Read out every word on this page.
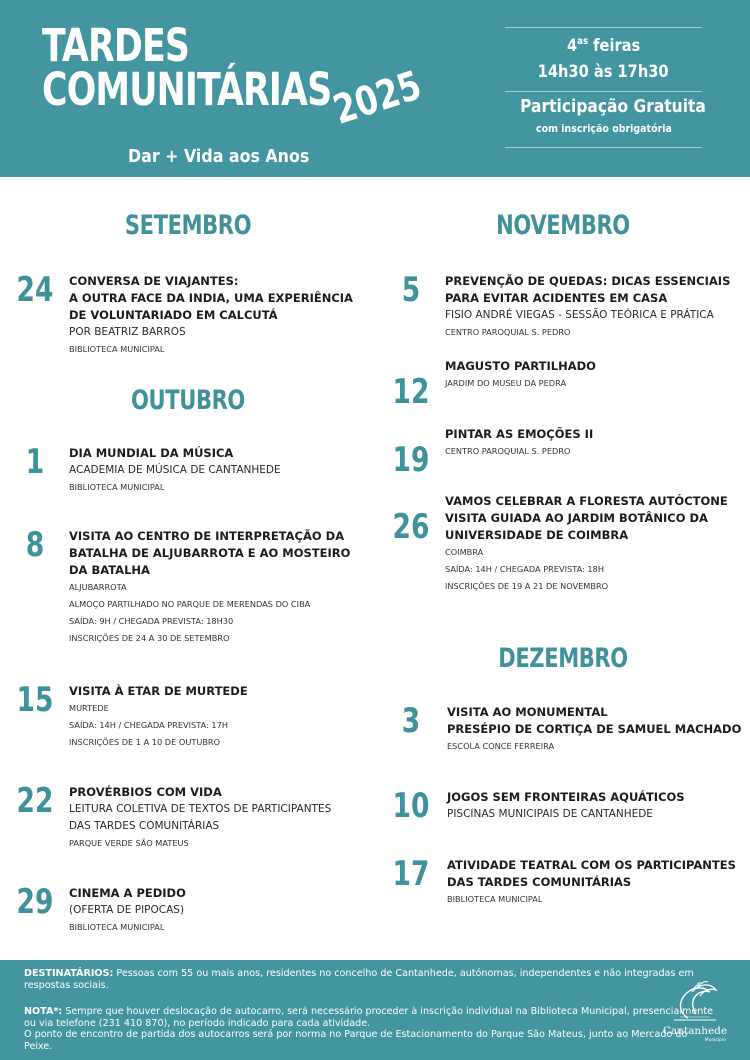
TARDES
COMUNITÁRIAS
2025
Dar + Vida aos Anos
$4^{as}$ feiras
14h30 às 17h30
Participação Gratuita
com inscrição obrigatória
SETEMBRO
OUTUBRO
NOVEMBRO
DEZEMBRO
24 CONVERSA DE VIAJANTES:
A OUTRA FACE DA INDIA, UMA EXPERIÊNCIA
DE VOLUNTARIADO EM CALCUTÁ
POR BEATRIZ BARROS
BIBLIOTECA MUNICIPAL
1	DIA MUNDIAL DA MÚSICA
ACADEMIA DE MÚSICA DE CANTANHEDE
BIBLIOTECA MUNICIPAL
8	VISITA AO CENTRO DE INTERPRETAÇÃO DA
BATALHA DE ALJUBARROTA E AO MOSTEIRO
DA BATALHA
ALJUBARROTA
ALMOÇO PARTILHADO NO PARQUE DE MERENDAS DO CIBA
SAÍDA: 9H / CHEGADA PREVISTA: 18H30
INSCRIÇÕES DE 24 A 30 DE SETEMBRO
15 VISITA À ETAR DE MURTEDE
MURTEDE
SAÍDA: 14H / CHEGADA PREVISTA: 17H
INSCRIÇÕES DE 1 A 10 DE OUTUBRO
22 PROVÉRBIOS COM VIDA
LEITURA COLETIVA DE TEXTOS DE PARTICIPANTES
DAS TARDES COMUNITÁRIAS
PARQUE VERDE SÃO MATEUS
29 CINEMA A PEDIDO
(OFERTA DE PIPOCAS)
BIBLIOTECA MUNICIPAL
5	PREVENÇÃO DE QUEDAS: DICAS ESSENCIAIS
PARA EVITAR ACIDENTES EM CASA
FISIO ANDRÉ VIEGAS - SESSÃO TEÓRICA E PRÁTICA
CENTRO PAROQUIAL S. PEDRO
12
MAGUSTO PARTILHADO
JARDIM DO MUSEU DA PEDRA
19
PINTAR AS EMOÇÕES II
CENTRO PAROQUIAL S. PEDRO
26
VAMOS CELEBRAR A FLORESTA AUTÓCTONE
VISITA GUIADA AO JARDIM BOTÂNICO DA
UNIVERSIDADE DE COIMBRA
COIMBRA
SAÍDA: 14H / CHEGADA PREVISTA: 18H
INSCRIÇÕES DE 19 A 21 DE NOVEMBRO
3	VISITA AO MONUMENTAL
PRESÉPIO DE CORTIÇA DE SAMUEL MACHADO
ESCOLA CONCE FERREIRA
10 JOGOS SEM FRONTEIRAS AQUÁTICOS
PISCINAS MUNICIPAIS DE CANTANHEDE
17 ATIVIDADE TEATRAL COM OS PARTICIPANTES
DAS TARDES COMUNITÁRIAS
BIBLIOTECA MUNICIPAL
DESTINATÁRIOS: Pessoas com 55 ou mais anos, residentes no concelho de Cantanhede, autónomas, independentes e não integradas em respostas sociais.
NOTA*: Sempre que houver deslocação de autocarro, será necessário proceder à inscrição individual na Biblioteca Municipal, presencialmente ou via telefone (231 410 870), no período indicado para cada atividade.
O ponto de encontro de partida dos autocarros será por norma no Parque de Estacionamento do Parque São Mateus, junto ao Mercado do Peixe.
Cantanhede
Município
